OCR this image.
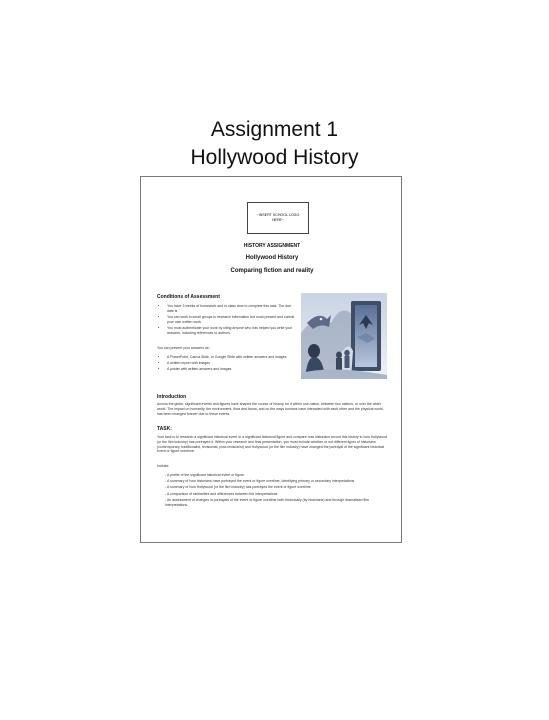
Assignment 1
Hollywood History
~INSERT SCHOOL LOGO
HERE~
HISTORY ASSIGNMENT
Hollywood History
Comparing fiction and reality
Conditions of Assessment
• You have 3 weeks of homework and in-class time to complete this task. The due date is
• You can work in small groups to research information but must present and submit your own written work.
• You must authenticate your work by citing anyone who has helped you write your answers, including references to authors.
You can present your answers as:
• A PowerPoint, Canva Slide, or Google Slide with written answers and images
• A written report with images
• A poster with written answers and images
Introduction
Across the globe, significant events and figures have shaped the course of history, be it within one nation, between two nations, or over the wider world. The impact on humanity, the environment, flora and fauna, and on the ways humans have interacted with each other and the physical world, has been changed forever due to these events.
TASK:
Your task is to research a significant historical event or a significant historical figure and compare how historians record this history to how Hollywood (or the film industry) has portrayed it. Within your research and final presentation, you must include whether or not different types of historians (contemporary, traditionalist, revisionist, post-revisionist) and Hollywood (or the film industry) have changed the portrayal of the significant historical event or figure overtime.
Include:
- A profile of the significant historical event or figure
- A summary of how historians have portrayed the event or figure overtime, identifying primary or secondary interpretations
- A summary of how Hollywood (or the film industry) has portrayed the event or figure overtime
- A comparison of similarities and differences between the interpretations
- An assessment of changes in portrayals of the event or figure overtime both historically (by historians) and through dramatised film interpretations.
